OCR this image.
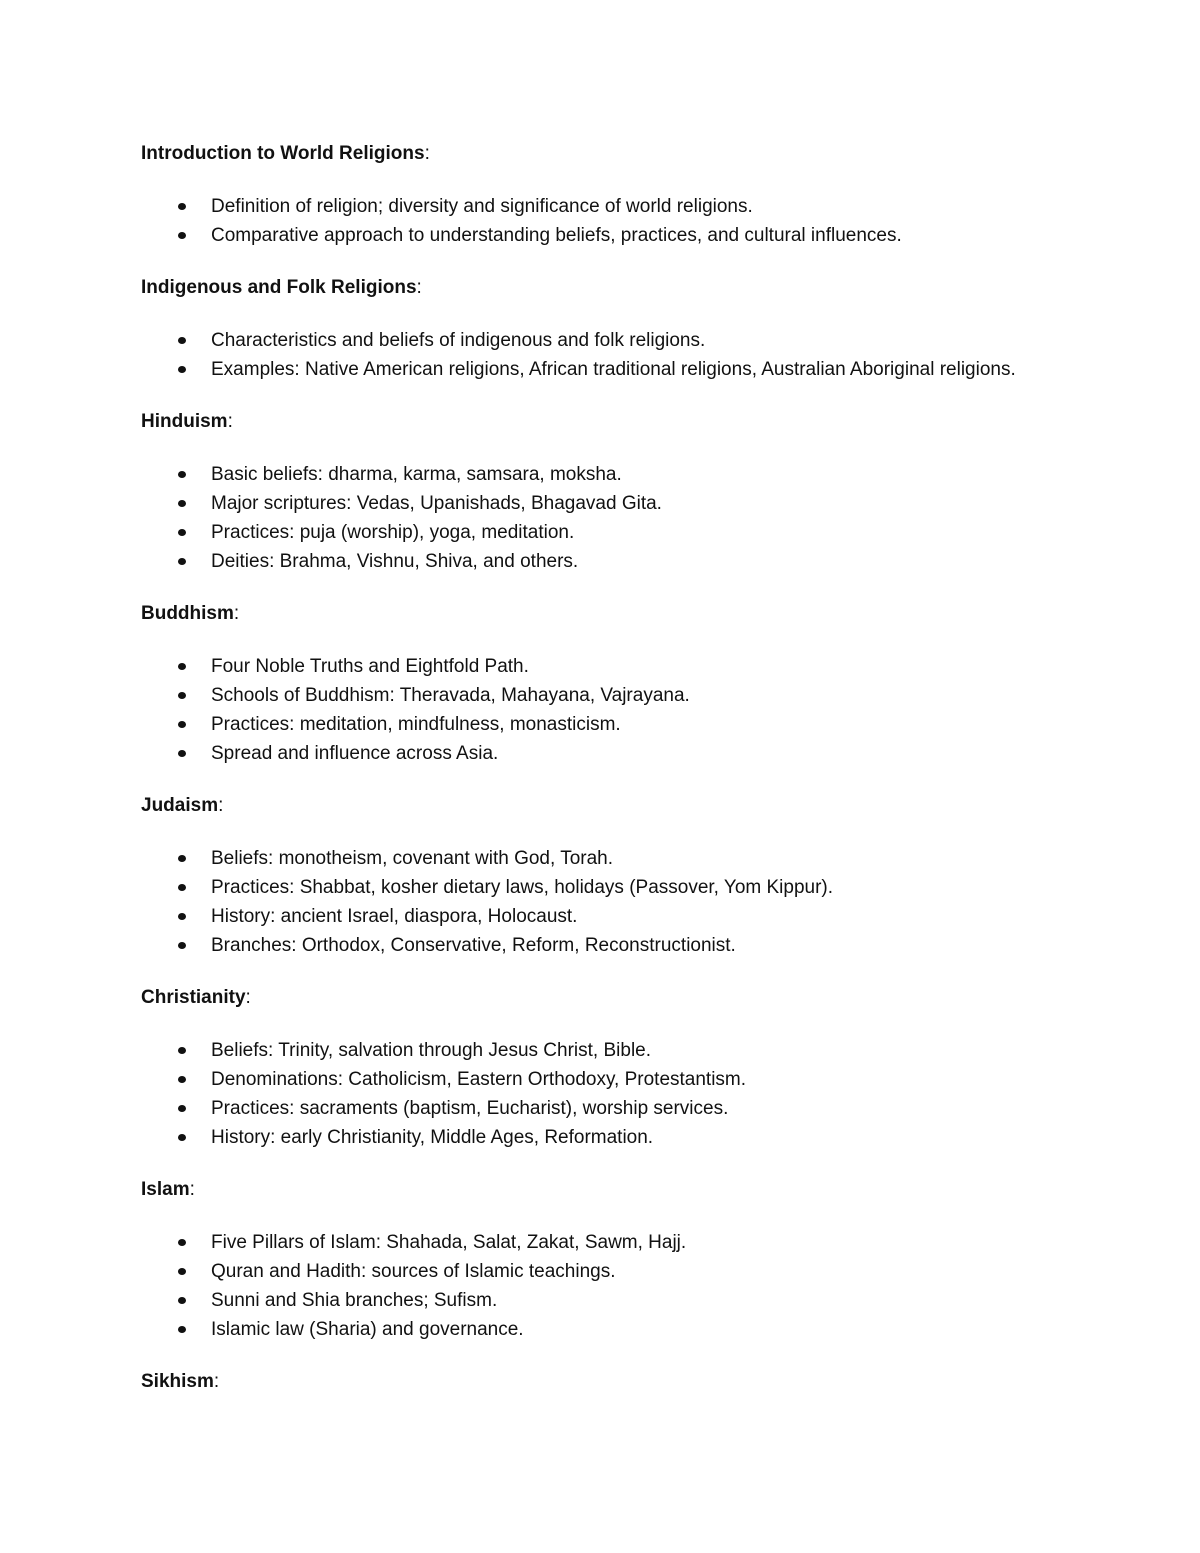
Introduction to World Religions:

Definition of religion; diversity and significance of world religions.
Comparative approach to understanding beliefs, practices, and cultural influences.

Indigenous and Folk Religions:

Characteristics and beliefs of indigenous and folk religions.
Examples: Native American religions, African traditional religions, Australian Aboriginal religions.

Hinduism:

Basic beliefs: dharma, karma, samsara, moksha.
Major scriptures: Vedas, Upanishads, Bhagavad Gita.
Practices: puja (worship), yoga, meditation.
Deities: Brahma, Vishnu, Shiva, and others.

Buddhism:

Four Noble Truths and Eightfold Path.
Schools of Buddhism: Theravada, Mahayana, Vajrayana.
Practices: meditation, mindfulness, monasticism.
Spread and influence across Asia.

Judaism:

Beliefs: monotheism, covenant with God, Torah.
Practices: Shabbat, kosher dietary laws, holidays (Passover, Yom Kippur).
History: ancient Israel, diaspora, Holocaust.
Branches: Orthodox, Conservative, Reform, Reconstructionist.

Christianity:

Beliefs: Trinity, salvation through Jesus Christ, Bible.
Denominations: Catholicism, Eastern Orthodoxy, Protestantism.
Practices: sacraments (baptism, Eucharist), worship services.
History: early Christianity, Middle Ages, Reformation.

Islam:

Five Pillars of Islam: Shahada, Salat, Zakat, Sawm, Hajj.
Quran and Hadith: sources of Islamic teachings.
Sunni and Shia branches; Sufism.
Islamic law (Sharia) and governance.

Sikhism:
